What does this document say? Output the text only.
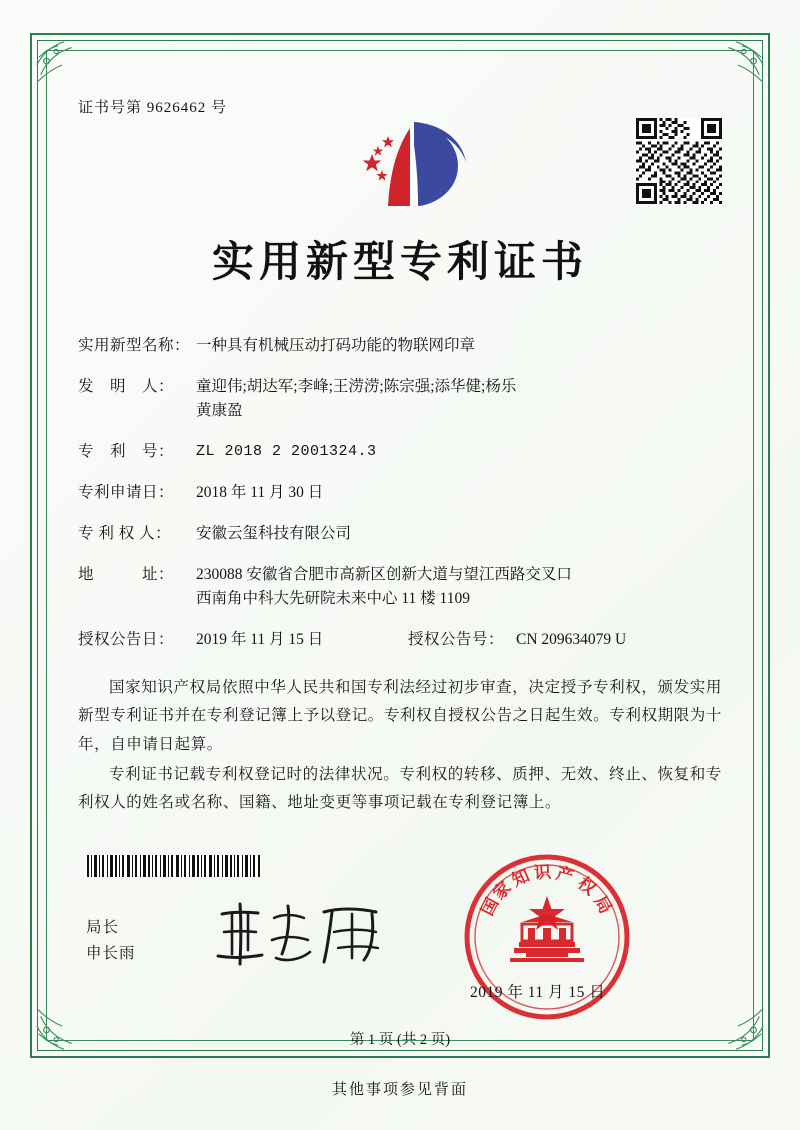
证书号第 9626462 号
实用新型专利证书
实用新型名称： 一种具有机械压动打码功能的物联网印章
发　明　人：	童迎伟;胡达军;李峰;王涝涝;陈宗强;添华健;杨乐
黄康盈
专　利　号：	ZL 2018 2 2001324.3
专利申请日：	2018 年 11 月 30 日
专 利 权 人：	安徽云玺科技有限公司
地　　　址：	230088 安徽省合肥市高新区创新大道与望江西路交叉口
西南角中科大先研院未来中心 11 楼 1109
授权公告日：	2019 年 11 月 15 日	授权公告号： CN 209634079 U
国家知识产权局依照中华人民共和国专利法经过初步审查，决定授予专利权，颁发实用新型专利证书并在专利登记簿上予以登记。专利权自授权公告之日起生效。专利权期限为十年，自申请日起算。
专利证书记载专利权登记时的法律状况。专利权的转移、质押、无效、终止、恢复和专利权人的姓名或名称、国籍、地址变更等事项记载在专利登记簿上。
局长
申长雨
国
家
知 识 产
权
局
2019 年 11 月 15 日
第 1 页 (共 2 页)
其他事项参见背面
